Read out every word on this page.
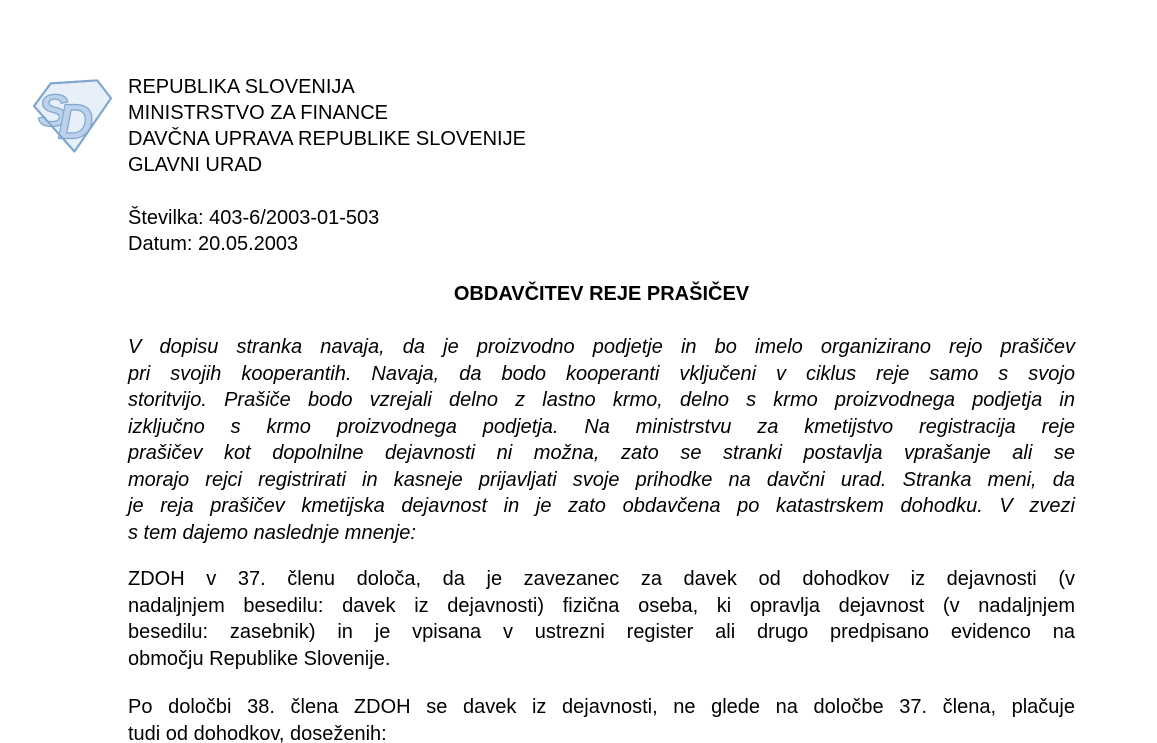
S
D
REPUBLIKA SLOVENIJA
MINISTRSTVO ZA FINANCE
DAVČNA UPRAVA REPUBLIKE SLOVENIJE
GLAVNI URAD
Številka: 403-6/2003-01-503
Datum: 20.05.2003
OBDAVČITEV REJE PRAŠIČEV
V dopisu stranka navaja, da je proizvodno podjetje in bo imelo organizirano rejo prašičev
pri svojih kooperantih. Navaja, da bodo kooperanti vključeni v ciklus reje samo s svojo
storitvijo. Prašiče bodo vzrejali delno z lastno krmo, delno s krmo proizvodnega podjetja in
izključno s krmo proizvodnega podjetja. Na ministrstvu za kmetijstvo registracija reje
prašičev kot dopolnilne dejavnosti ni možna, zato se stranki postavlja vprašanje ali se
morajo rejci registrirati in kasneje prijavljati svoje prihodke na davčni urad. Stranka meni, da
je reja prašičev kmetijska dejavnost in je zato obdavčena po katastrskem dohodku. V zvezi
s tem dajemo naslednje mnenje:
ZDOH v 37. členu določa, da je zavezanec za davek od dohodkov iz dejavnosti (v
nadaljnjem besedilu: davek iz dejavnosti) fizična oseba, ki opravlja dejavnost (v nadaljnjem
besedilu: zasebnik) in je vpisana v ustrezni register ali drugo predpisano evidenco na
območju Republike Slovenije.
Po določbi 38. člena ZDOH se davek iz dejavnosti, ne glede na določbe 37. člena, plačuje
tudi od dohodkov, doseženih:
